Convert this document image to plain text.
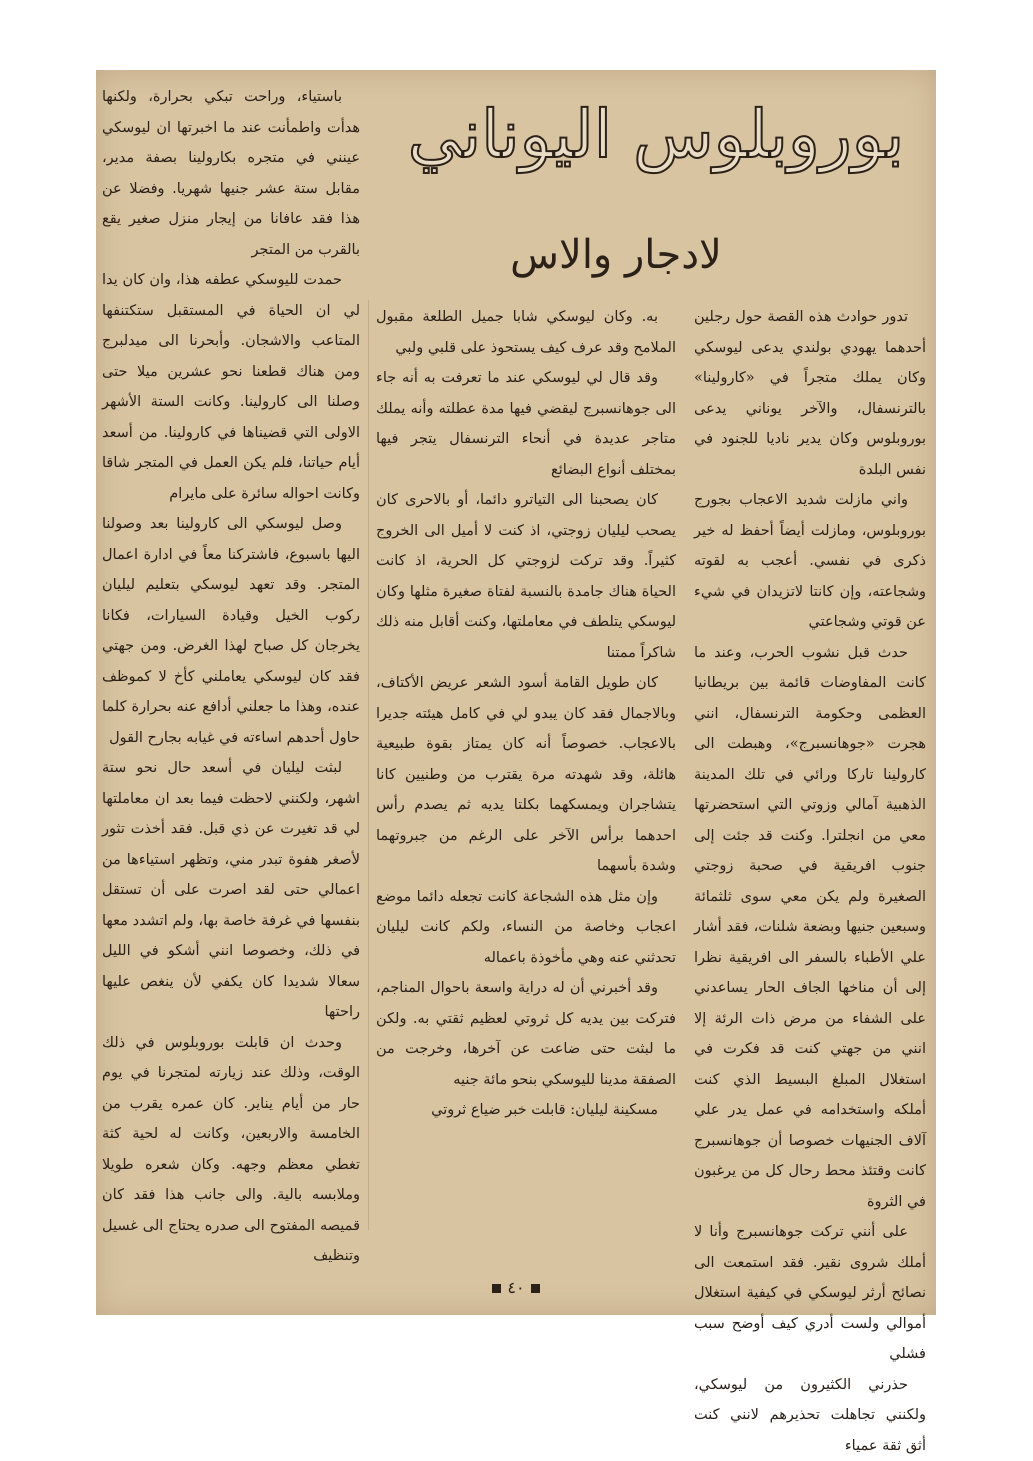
بوروبلوس اليوناني
لادجار والاس

تدور حوادث هذه القصة حول رجلين أحدهما يهودي بولندي يدعى ليوسكي وكان يملك متجراً في «كارولينا» بالترنسفال، والآخر يوناني يدعى بوروبلوس وكان يدير ناديا للجنود في نفس البلدة

واني مازلت شديد الاعجاب بجورج بوروبلوس، ومازلت أيضاً أحفظ له خير ذكرى في نفسي. أعجب به لقوته وشجاعته، وإن كانتا لاتزيدان في شيء عن قوتي وشجاعتي

حدث قبل نشوب الحرب، وعند ما كانت المفاوضات قائمة بين بريطانيا العظمى وحكومة الترنسفال، انني هجرت «جوهانسبرج»، وهبطت الى كارولينا تاركا ورائي في تلك المدينة الذهبية آمالي وزوتي التي استحضرتها معي من انجلترا. وكنت قد جئت إلى جنوب افريقية في صحبة زوجتي الصغيرة ولم يكن معي سوى ثلثمائة وسبعين جنيها وبضعة شلنات، فقد أشار علي الأطباء بالسفر الى افريقية نظرا إلى أن مناخها الجاف الحار يساعدني على الشفاء من مرض ذات الرئة إلا انني من جهتي كنت قد فكرت في استغلال المبلغ البسيط الذي كنت أملكه واستخدامه في عمل يدر علي آلاف الجنيهات خصوصا أن جوهانسبرج كانت وقتئذ محط رحال كل من يرغبون في الثروة

على أنني تركت جوهانسبرج وأنا لا أملك شروى نقير. فقد استمعت الى نصائح أرثر ليوسكي في كيفية استغلال أموالي ولست أدري كيف أوضح سبب فشلي

حذرني الكثيرون من ليوسكي، ولكنني تجاهلت تحذيرهم لانني كنت أثق ثقة عمياء

به. وكان ليوسكي شابا جميل الطلعة مقبول الملامح وقد عرف كيف يستحوذ على قلبي ولبي

وقد قال لي ليوسكي عند ما تعرفت به أنه جاء الى جوهانسبرج ليقضي فيها مدة عطلته وأنه يملك متاجر عديدة في أنحاء الترنسفال يتجر فيها بمختلف أنواع البضائع

كان يصحبنا الى التياترو دائما، أو بالاحرى كان يصحب ليليان زوجتي، اذ كنت لا أميل الى الخروج كثيراً. وقد تركت لزوجتي كل الحرية، اذ كانت الحياة هناك جامدة بالنسبة لفتاة صغيرة مثلها وكان ليوسكي يتلطف في معاملتها، وكنت أقابل منه ذلك شاكراً ممتنا

كان طويل القامة أسود الشعر عريض الأكتاف، وبالاجمال فقد كان يبدو لي في كامل هيئته جديرا بالاعجاب. خصوصاً أنه كان يمتاز بقوة طبيعية هائلة، وقد شهدته مرة يقترب من وطنيين كانا يتشاجران ويمسكهما بكلتا يديه ثم يصدم رأس احدهما برأس الآخر على الرغم من جبروتهما وشدة بأسهما

وإن مثل هذه الشجاعة كانت تجعله دائما موضع اعجاب وخاصة من النساء، ولكم كانت ليليان تحدثني عنه وهي مأخوذة باعماله

وقد أخبرني أن له دراية واسعة باحوال المناجم، فتركت بين يديه كل ثروتي لعظيم ثقتي به. ولكن ما لبثت حتى ضاعت عن آخرها، وخرجت من الصفقة مدينا لليوسكي بنحو مائة جنيه

مسكينة ليليان: قابلت خبر ضياع ثروتي

باستياء، وراحت تبكي بحرارة، ولكنها هدأت واطمأنت عند ما اخبرتها ان ليوسكي عينني في متجره بكارولينا بصفة مدير، مقابل ستة عشر جنيها شهريا. وفضلا عن هذا فقد عافانا من إيجار منزل صغير يقع بالقرب من المتجر

حمدت لليوسكي عطفه هذا، وان كان يدا لي ان الحياة في المستقبل ستكتنفها المتاعب والاشجان. وأبحرنا الى ميدلبرج ومن هناك قطعنا نحو عشرين ميلا حتى وصلنا الى كارولينا. وكانت الستة الأشهر الاولى التي قضيناها في كارولينا. من أسعد أيام حياتنا، فلم يكن العمل في المتجر شاقا وكانت احواله سائرة على مايرام

وصل ليوسكي الى كارولينا بعد وصولنا اليها باسبوع، فاشتركنا معاً في ادارة اعمال المتجر. وقد تعهد ليوسكي بتعليم ليليان ركوب الخيل وقيادة السيارات، فكانا يخرجان كل صباح لهذا الغرض. ومن جهتي فقد كان ليوسكي يعاملني كأخ لا كموظف عنده، وهذا ما جعلني أدافع عنه بحرارة كلما حاول أحدهم اساءته في غيابه بجارح القول

لبثت ليليان في أسعد حال نحو ستة اشهر، ولكنني لاحظت فيما بعد ان معاملتها لي قد تغيرت عن ذي قبل. فقد أخذت تثور لأصغر هفوة تبدر مني، وتظهر استياءها من اعمالي حتى لقد اصرت على أن تستقل بنفسها في غرفة خاصة بها، ولم اتشدد معها في ذلك، وخصوصا انني أشكو في الليل سعالا شديدا كان يكفي لأن ينغص عليها راحتها

وحدث ان قابلت بوروبلوس في ذلك الوقت، وذلك عند زيارته لمتجرنا في يوم حار من أيام يناير. كان عمره يقرب من الخامسة والاربعين، وكانت له لحية كثة تغطي معظم وجهه. وكان شعره طويلا وملابسه بالية. والى جانب هذا فقد كان قميصه المفتوح الى صدره يحتاج الى غسيل وتنظيف

٤٠
